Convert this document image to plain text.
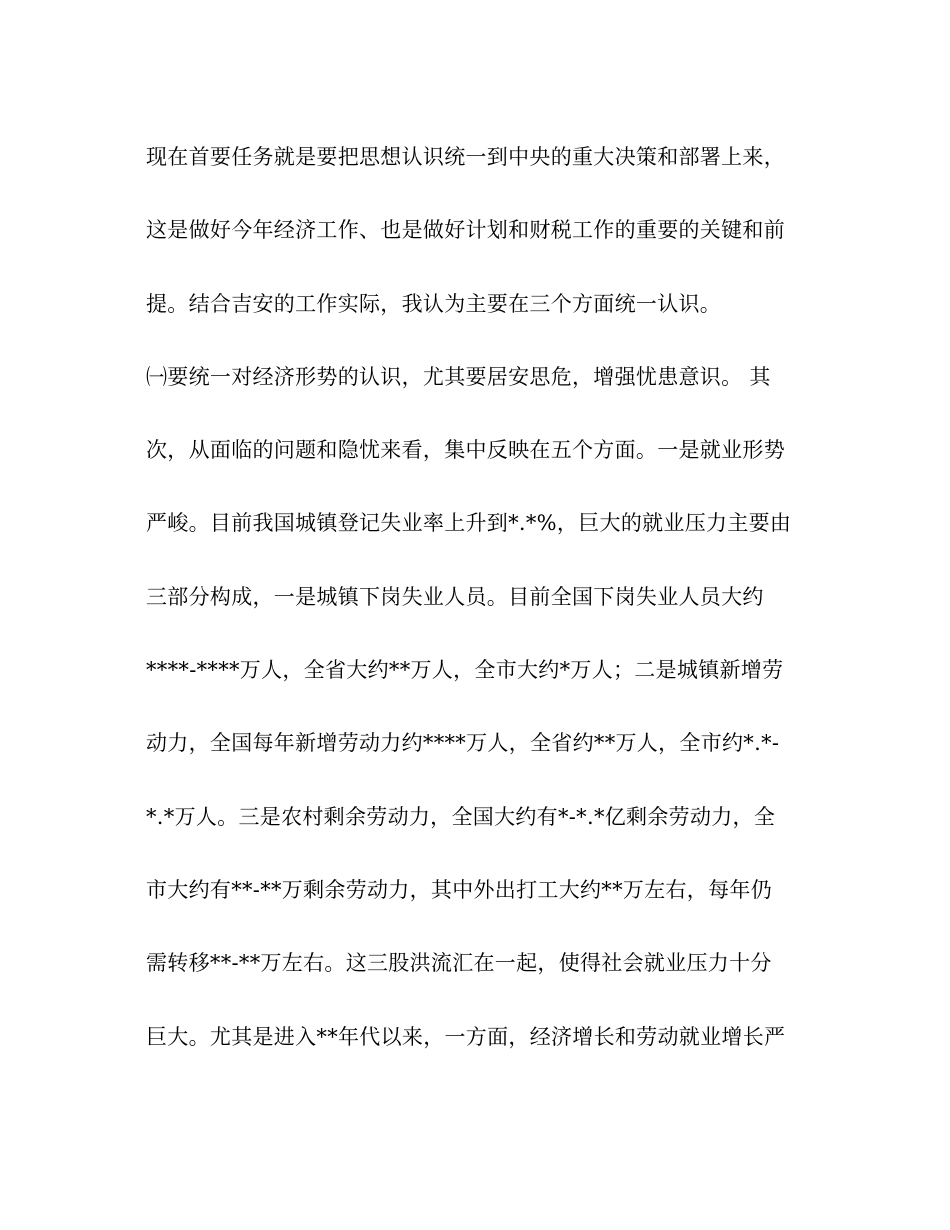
现在首要任务就是要把思想认识统一到中央的重大决策和部署上来，
这是做好今年经济工作、也是做好计划和财税工作的重要的关键和前
提。结合吉安的工作实际，我认为主要在三个方面统一认识。
㈠要统一对经济形势的认识，尤其要居安思危，增强忧患意识。 其
次，从面临的问题和隐忧来看，集中反映在五个方面。一是就业形势
严峻。目前我国城镇登记失业率上升到*.*%，巨大的就业压力主要由
三部分构成，一是城镇下岗失业人员。目前全国下岗失业人员大约
****-****万人，全省大约**万人，全市大约*万人；二是城镇新增劳
动力，全国每年新增劳动力约****万人，全省约**万人，全市约*.*-
*.*万人。三是农村剩余劳动力，全国大约有*-*.*亿剩余劳动力，全
市大约有**-**万剩余劳动力，其中外出打工大约**万左右，每年仍
需转移**-**万左右。这三股洪流汇在一起，使得社会就业压力十分
巨大。尤其是进入**年代以来，一方面，经济增长和劳动就业增长严
